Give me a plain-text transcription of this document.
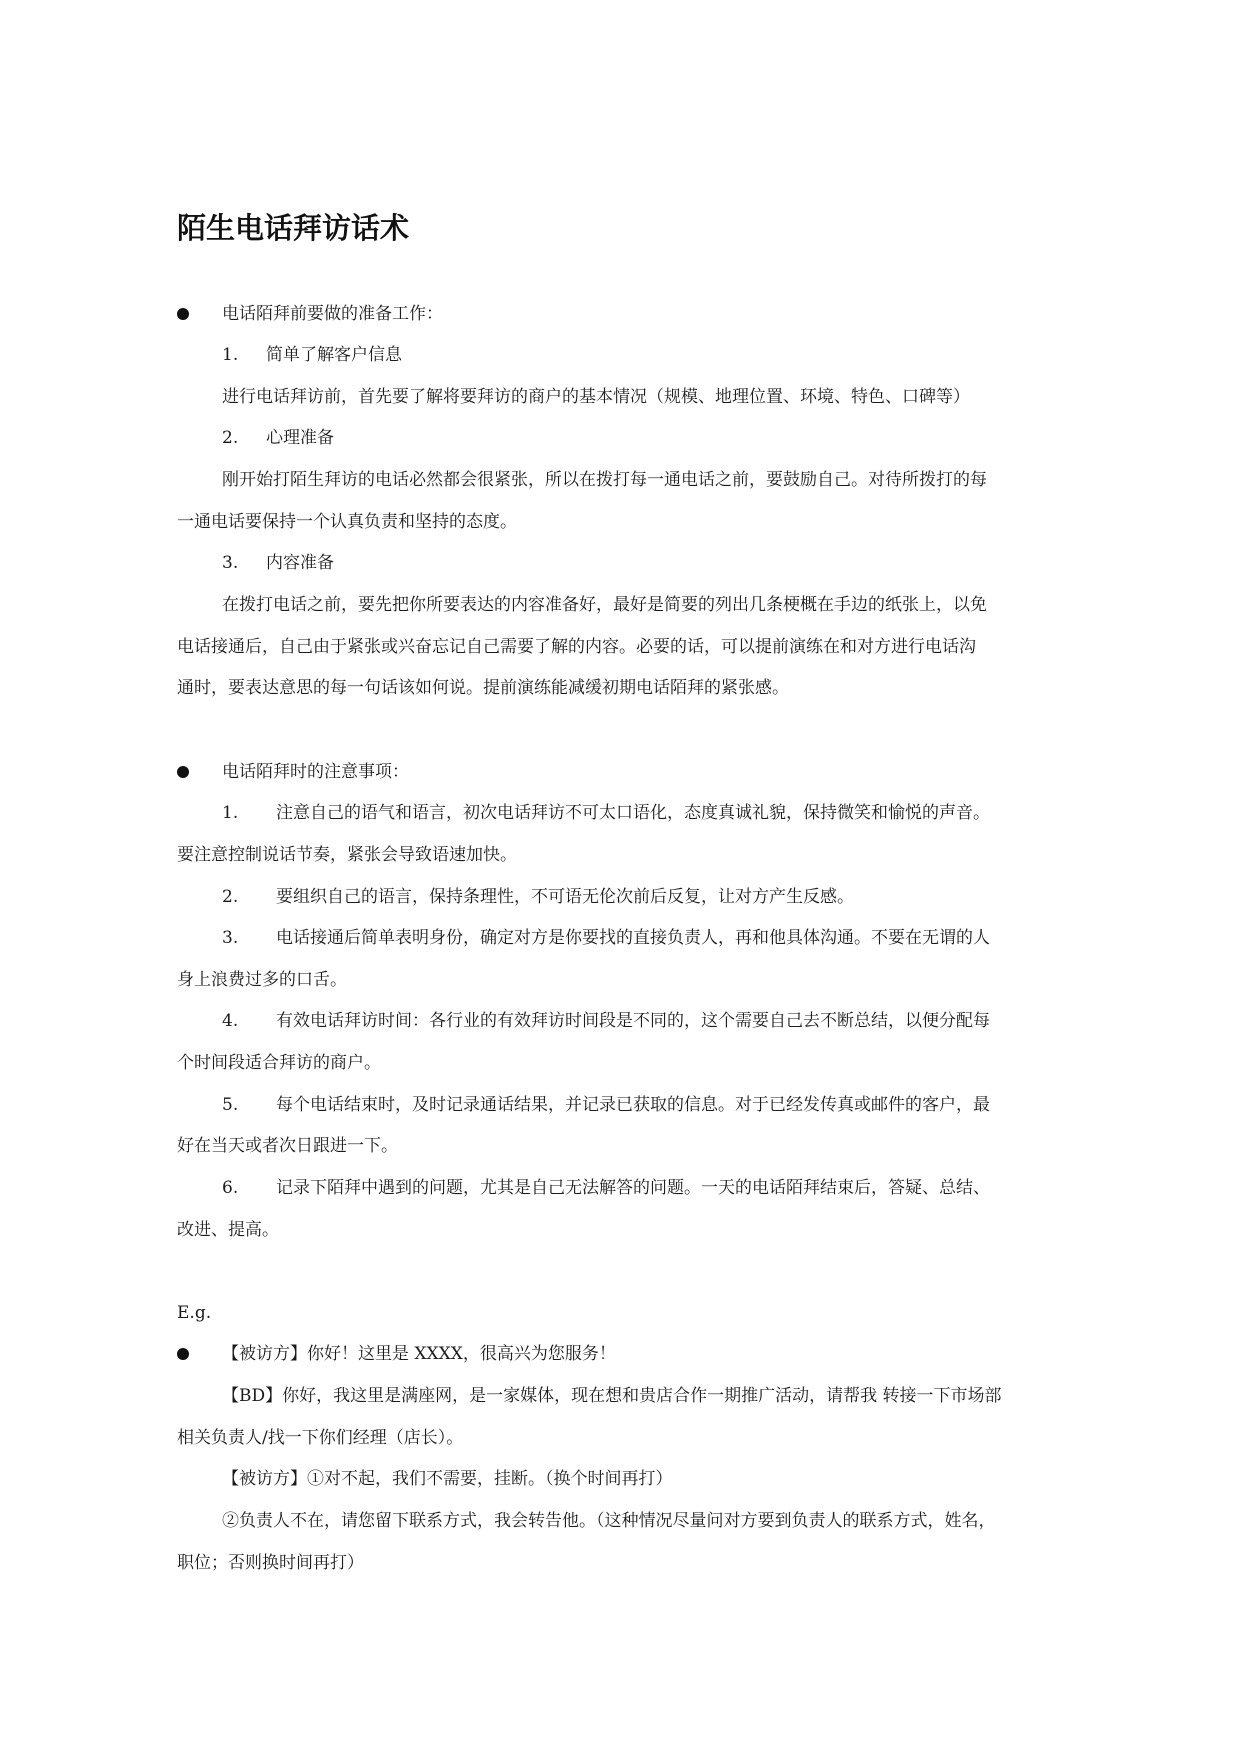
陌生电话拜访话术
电话陌拜前要做的准备工作：
1. 简单了解客户信息
进行电话拜访前，首先要了解将要拜访的商户的基本情况（规模、地理位置、环境、特色、口碑等）
2. 心理准备
刚开始打陌生拜访的电话必然都会很紧张，所以在拨打每一通电话之前，要鼓励自己。对待所拨打的每
一通电话要保持一个认真负责和坚持的态度。
3. 内容准备
在拨打电话之前，要先把你所要表达的内容准备好，最好是简要的列出几条梗概在手边的纸张上，以免
电话接通后，自己由于紧张或兴奋忘记自己需要了解的内容。必要的话，可以提前演练在和对方进行电话沟
通时，要表达意思的每一句话该如何说。提前演练能减缓初期电话陌拜的紧张感。
电话陌拜时的注意事项：
1. 注意自己的语气和语言，初次电话拜访不可太口语化，态度真诚礼貌，保持微笑和愉悦的声音。
要注意控制说话节奏，紧张会导致语速加快。
2. 要组织自己的语言，保持条理性，不可语无伦次前后反复，让对方产生反感。
3. 电话接通后简单表明身份，确定对方是你要找的直接负责人，再和他具体沟通。不要在无谓的人
身上浪费过多的口舌。
4. 有效电话拜访时间：各行业的有效拜访时间段是不同的，这个需要自己去不断总结，以便分配每
个时间段适合拜访的商户。
5. 每个电话结束时，及时记录通话结果，并记录已获取的信息。对于已经发传真或邮件的客户，最
好在当天或者次日跟进一下。
6. 记录下陌拜中遇到的问题，尤其是自己无法解答的问题。一天的电话陌拜结束后，答疑、总结、
改进、提高。
E.g.
【被访方】你好！这里是 XXXX，很高兴为您服务！
【BD】你好，我这里是满座网，是一家媒体，现在想和贵店合作一期推广活动，请帮我 转接一下市场部
相关负责人/找一下你们经理（店长）。
【被访方】①对不起，我们不需要，挂断。（换个时间再打）
②负责人不在，请您留下联系方式，我会转告他。（这种情况尽量问对方要到负责人的联系方式，姓名，
职位；否则换时间再打）
